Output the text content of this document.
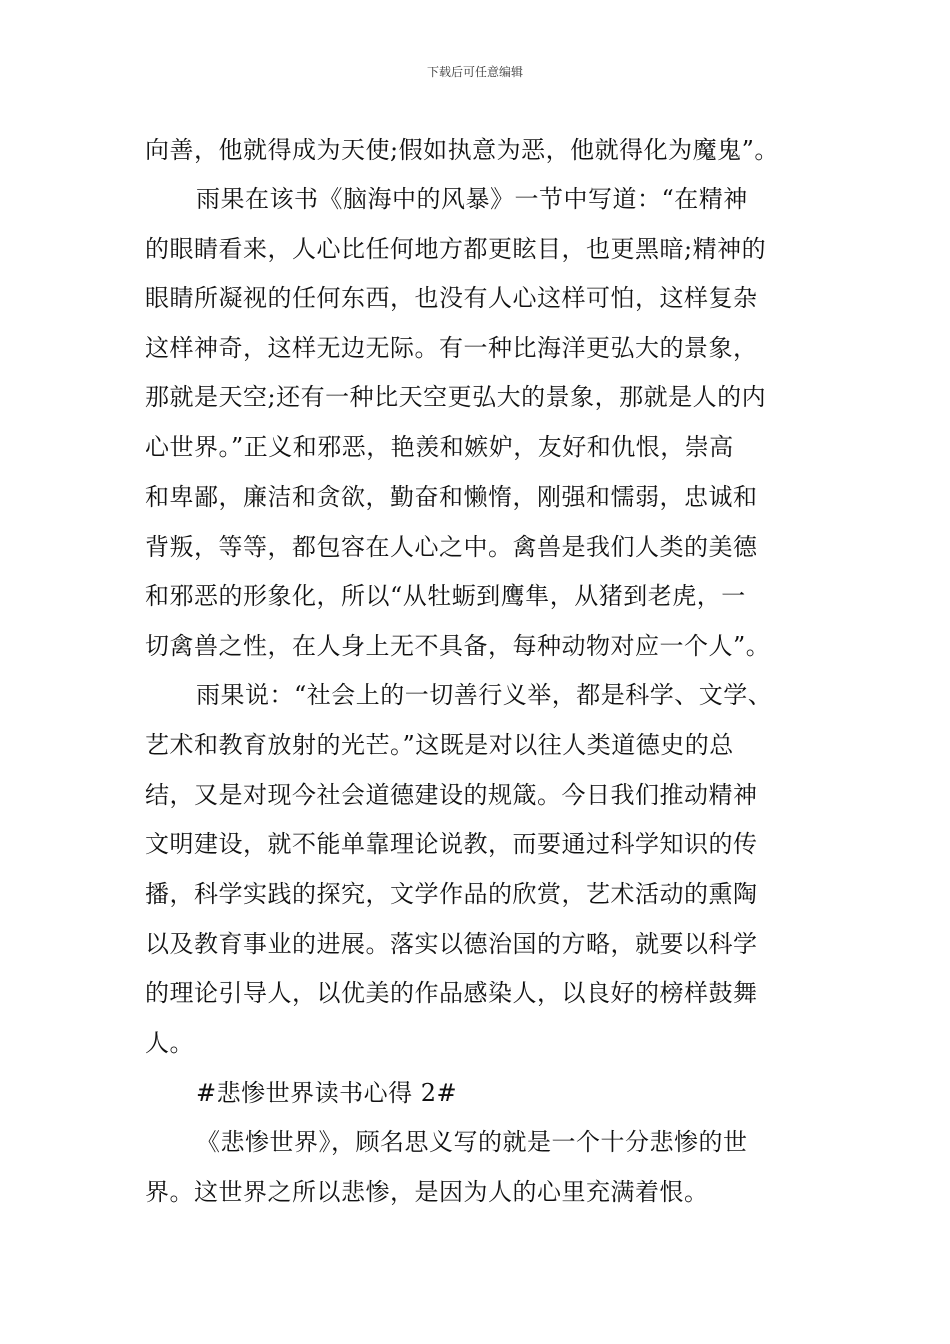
下载后可任意编辑
向善，他就得成为天使;假如执意为恶，他就得化为魔鬼”。
雨果在该书《脑海中的风暴》一节中写道：“在精神
的眼睛看来，人心比任何地方都更眩目，也更黑暗;精神的
眼睛所凝视的任何东西，也没有人心这样可怕，这样复杂
这样神奇，这样无边无际。有一种比海洋更弘大的景象，
那就是天空;还有一种比天空更弘大的景象，那就是人的内
心世界。”正义和邪恶，艳羡和嫉妒，友好和仇恨，崇高
和卑鄙，廉洁和贪欲，勤奋和懒惰，刚强和懦弱，忠诚和
背叛，等等，都包容在人心之中。禽兽是我们人类的美德
和邪恶的形象化，所以“从牡蛎到鹰隼，从猪到老虎，一
切禽兽之性，在人身上无不具备，每种动物对应一个人”。
雨果说：“社会上的一切善行义举，都是科学、文学、
艺术和教育放射的光芒。”这既是对以往人类道德史的总
结，又是对现今社会道德建设的规箴。今日我们推动精神
文明建设，就不能单靠理论说教，而要通过科学知识的传
播，科学实践的探究，文学作品的欣赏，艺术活动的熏陶
以及教育事业的进展。落实以德治国的方略，就要以科学
的理论引导人，以优美的作品感染人，以良好的榜样鼓舞
人。
#悲惨世界读书心得 2#
《悲惨世界》，顾名思义写的就是一个十分悲惨的世
界。这世界之所以悲惨，是因为人的心里充满着恨。
